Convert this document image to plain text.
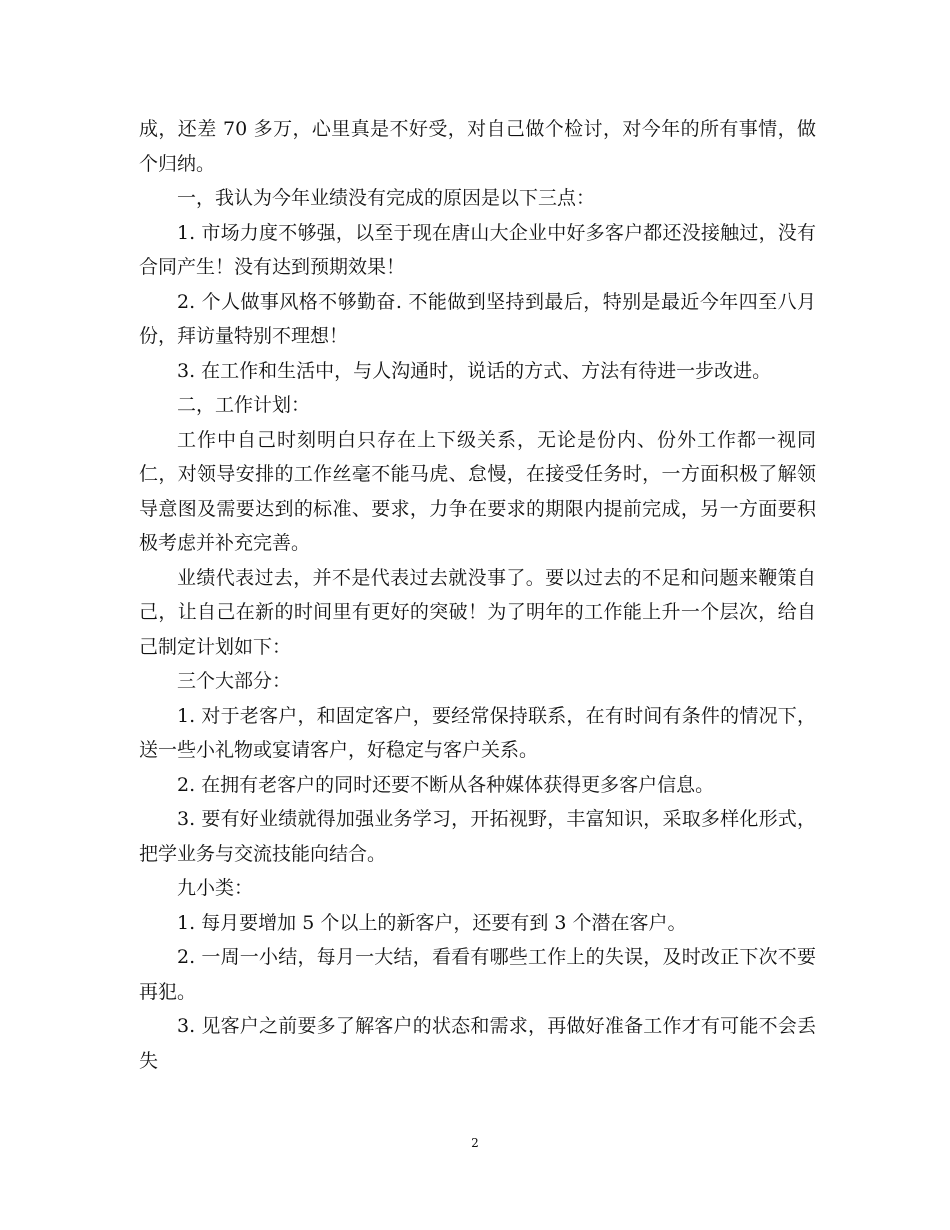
成，还差 70 多万，心里真是不好受，对自己做个检讨，对今年的所有事情，做个归纳。

一，我认为今年业绩没有完成的原因是以下三点：

1. 市场力度不够强，以至于现在唐山大企业中好多客户都还没接触过，没有合同产生！没有达到预期效果！

2. 个人做事风格不够勤奋. 不能做到坚持到最后，特别是最近今年四至八月份，拜访量特别不理想！

3. 在工作和生活中，与人沟通时，说话的方式、方法有待进一步改进。

二，工作计划：

工作中自己时刻明白只存在上下级关系，无论是份内、份外工作都一视同仁，对领导安排的工作丝毫不能马虎、怠慢，在接受任务时，一方面积极了解领导意图及需要达到的标准、要求，力争在要求的期限内提前完成，另一方面要积极考虑并补充完善。

业绩代表过去，并不是代表过去就没事了。要以过去的不足和问题来鞭策自己，让自己在新的时间里有更好的突破！为了明年的工作能上升一个层次，给自己制定计划如下：

三个大部分：

1. 对于老客户，和固定客户，要经常保持联系，在有时间有条件的情况下，送一些小礼物或宴请客户，好稳定与客户关系。

2. 在拥有老客户的同时还要不断从各种媒体获得更多客户信息。

3. 要有好业绩就得加强业务学习，开拓视野，丰富知识，采取多样化形式，把学业务与交流技能向结合。

九小类：

1. 每月要增加 5 个以上的新客户，还要有到 3 个潜在客户。

2. 一周一小结，每月一大结，看看有哪些工作上的失误，及时改正下次不要再犯。

3. 见客户之前要多了解客户的状态和需求，再做好准备工作才有可能不会丢失

2
